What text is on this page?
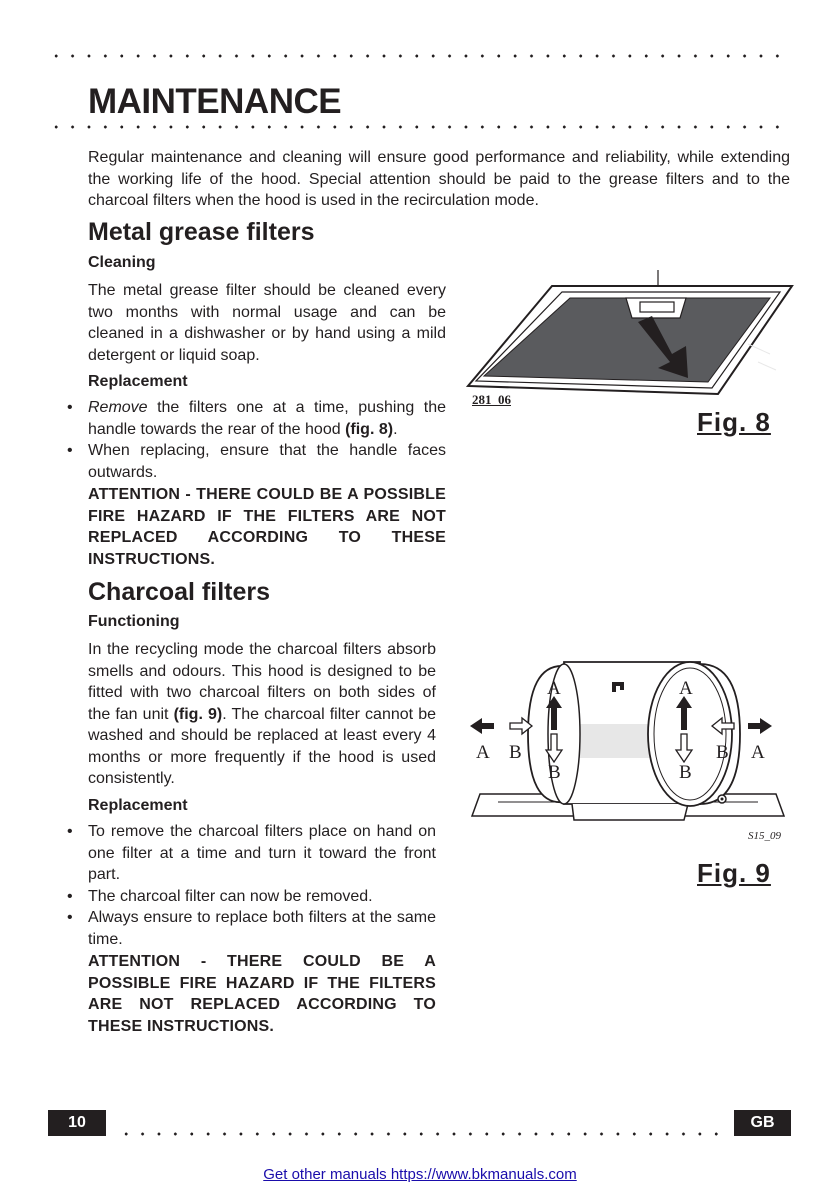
MAINTENANCE

Regular maintenance and cleaning will ensure good performance and reliability, while extending the working life of the hood. Special attention should be paid to the grease filters and to the charcoal filters when the hood is used in the recirculation mode.

Metal grease filters
Cleaning

The metal grease filter should be cleaned every two months with normal usage and can be cleaned in a dishwasher or by hand using a mild detergent or liquid soap.

Replacement
• Remove the filters one at a time, pushing the handle towards the rear of the hood (fig. 8).
• When replacing, ensure that the handle faces outwards.

ATTENTION - THERE COULD BE A POSSIBLE FIRE HAZARD IF THE FILTERS ARE NOT REPLACED ACCORDING TO THESE INSTRUCTIONS.

Charcoal filters
Functioning

In the recycling mode the charcoal filters absorb smells and odours. This hood is designed to be fitted with two charcoal filters on both sides of the fan unit (fig. 9). The charcoal filter cannot be washed and should be replaced at least every 4 months or more frequently if the hood is used consistently.

Replacement
• To remove the charcoal filters place on hand on one filter at a time and turn it toward the front part.
• The charcoal filter can now be removed.
• Always ensure to replace both filters at the same time.

ATTENTION - THERE COULD BE A POSSIBLE FIRE HAZARD IF THE FILTERS ARE NOT REPLACED ACCORDING TO THESE INSTRUCTIONS.

281_06
Fig. 8
A	A
A B	B A
B	B
S15_09
Fig. 9
10	GB
Get other manuals https://www.bkmanuals.com
